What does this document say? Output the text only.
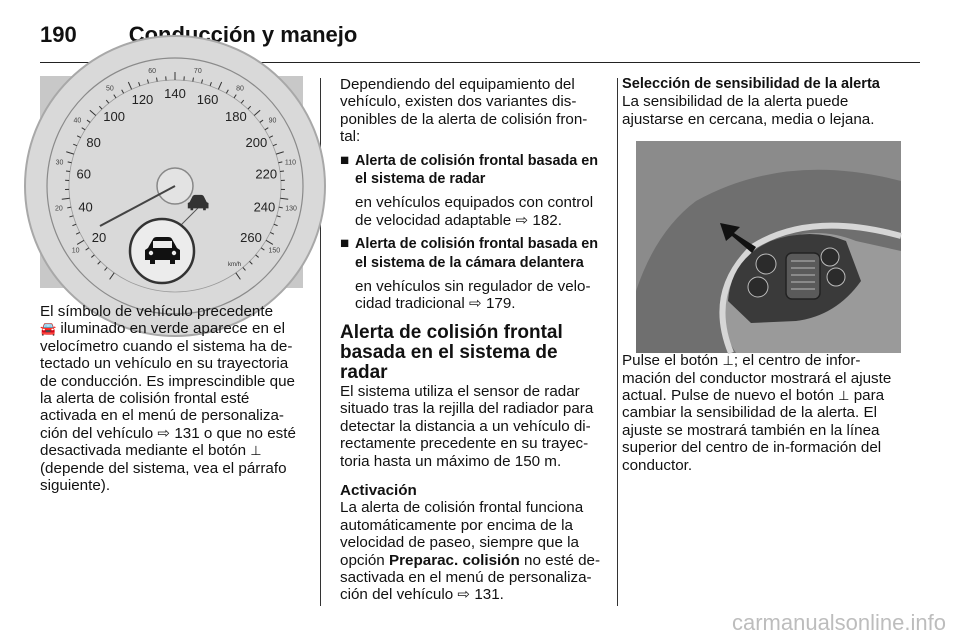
190 Conducción y manejo
20
40
60
80
100
120 140 160
180
200
220
240
260
10
20
30
40
50
60	70
80
90
110
130
150
km/h

El símbolo de vehículo precedente
🚘 iluminado en verde aparece en el velocímetro cuando el sistema ha de-tectado un vehículo en su trayectoria de conducción. Es imprescindible que la alerta de colisión frontal esté activada en el menú de personaliza-ción del vehículo ⇨ 131 o que no esté desactivada mediante el botón ⊥ (depende del sistema, vea el párrafo siguiente).

Dependiendo del equipamiento del vehículo, existen dos variantes dis-ponibles de la alerta de colisión fron-tal:

■ Alerta de colisión frontal basada en el sistema de radar

en vehículos equipados con control de velocidad adaptable ⇨ 182.

■ Alerta de colisión frontal basada en el sistema de la cámara delantera

en vehículos sin regulador de velo-cidad tradicional ⇨ 179.

Alerta de colisión frontal basada en el sistema de radar

El sistema utiliza el sensor de radar situado tras la rejilla del radiador para detectar la distancia a un vehículo di-rectamente precedente en su trayec-toria hasta un máximo de 150 m.

Activación

La alerta de colisión frontal funciona automáticamente por encima de la velocidad de paseo, siempre que la opción Preparac. colisión no esté de-sactivada en el menú de personaliza-ción del vehículo ⇨ 131.

Selección de sensibilidad de la alerta

La sensibilidad de la alerta puede ajustarse en cercana, media o lejana.

Pulse el botón ⊥; el centro de infor-mación del conductor mostrará el ajuste actual. Pulse de nuevo el botón ⊥ para cambiar la sensibilidad de la alerta. El ajuste se mostrará también en la línea superior del centro de in-formación del conductor.

carmanualsonline.info
